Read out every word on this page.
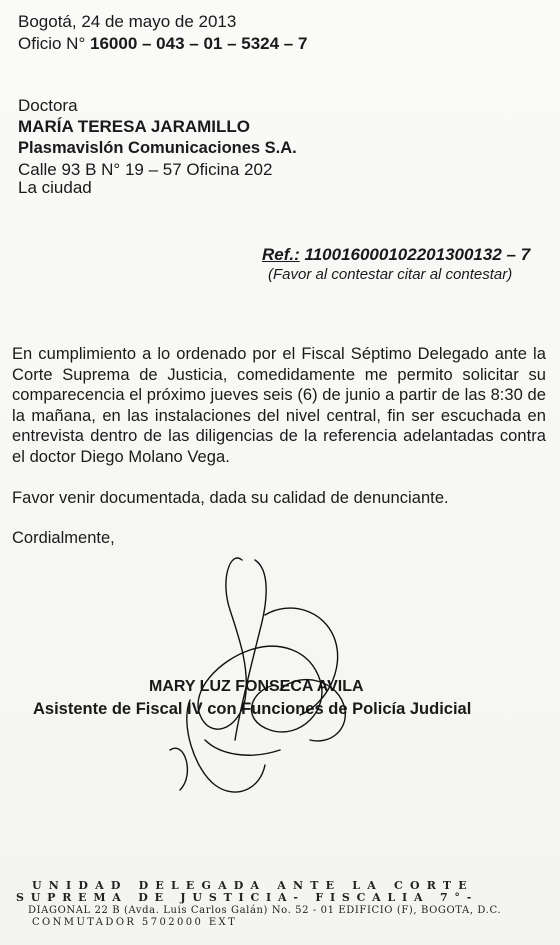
Bogotá, 24 de mayo de 2013
Oficio N° 16000 – 043 – 01 – 5324 – 7
Doctora
MARÍA TERESA JARAMILLO
Plasmavislón Comunicaciones S.A.
Calle 93 B N° 19 – 57 Oficina 202
La ciudad
Ref.: 110016000102201300132 – 7
(Favor al contestar citar al contestar)
En cumplimiento a lo ordenado por el Fiscal Séptimo Delegado ante la Corte Suprema de Justicia, comedidamente me permito solicitar su comparecencia el próximo jueves seis (6) de junio a partir de las 8:30 de la mañana, en las instalaciones del nivel central, fin ser escuchada en entrevista dentro de las diligencias de la referencia adelantadas contra el doctor Diego Molano Vega.
Favor venir documentada, dada su calidad de denunciante.
Cordialmente,
MARY LUZ FONSECA AVILA
Asistente de Fiscal IV con Funciones de Policía Judicial
UNIDAD DELEGADA ANTE LA CORTE
SUPREMA DE JUSTICIA- FISCALIA 7°-
DIAGONAL 22 B (Avda. Luis Carlos Galán) No. 52 - 01 EDIFICIO (F), BOGOTA, D.C.
CONMUTADOR 5702000 EXT
